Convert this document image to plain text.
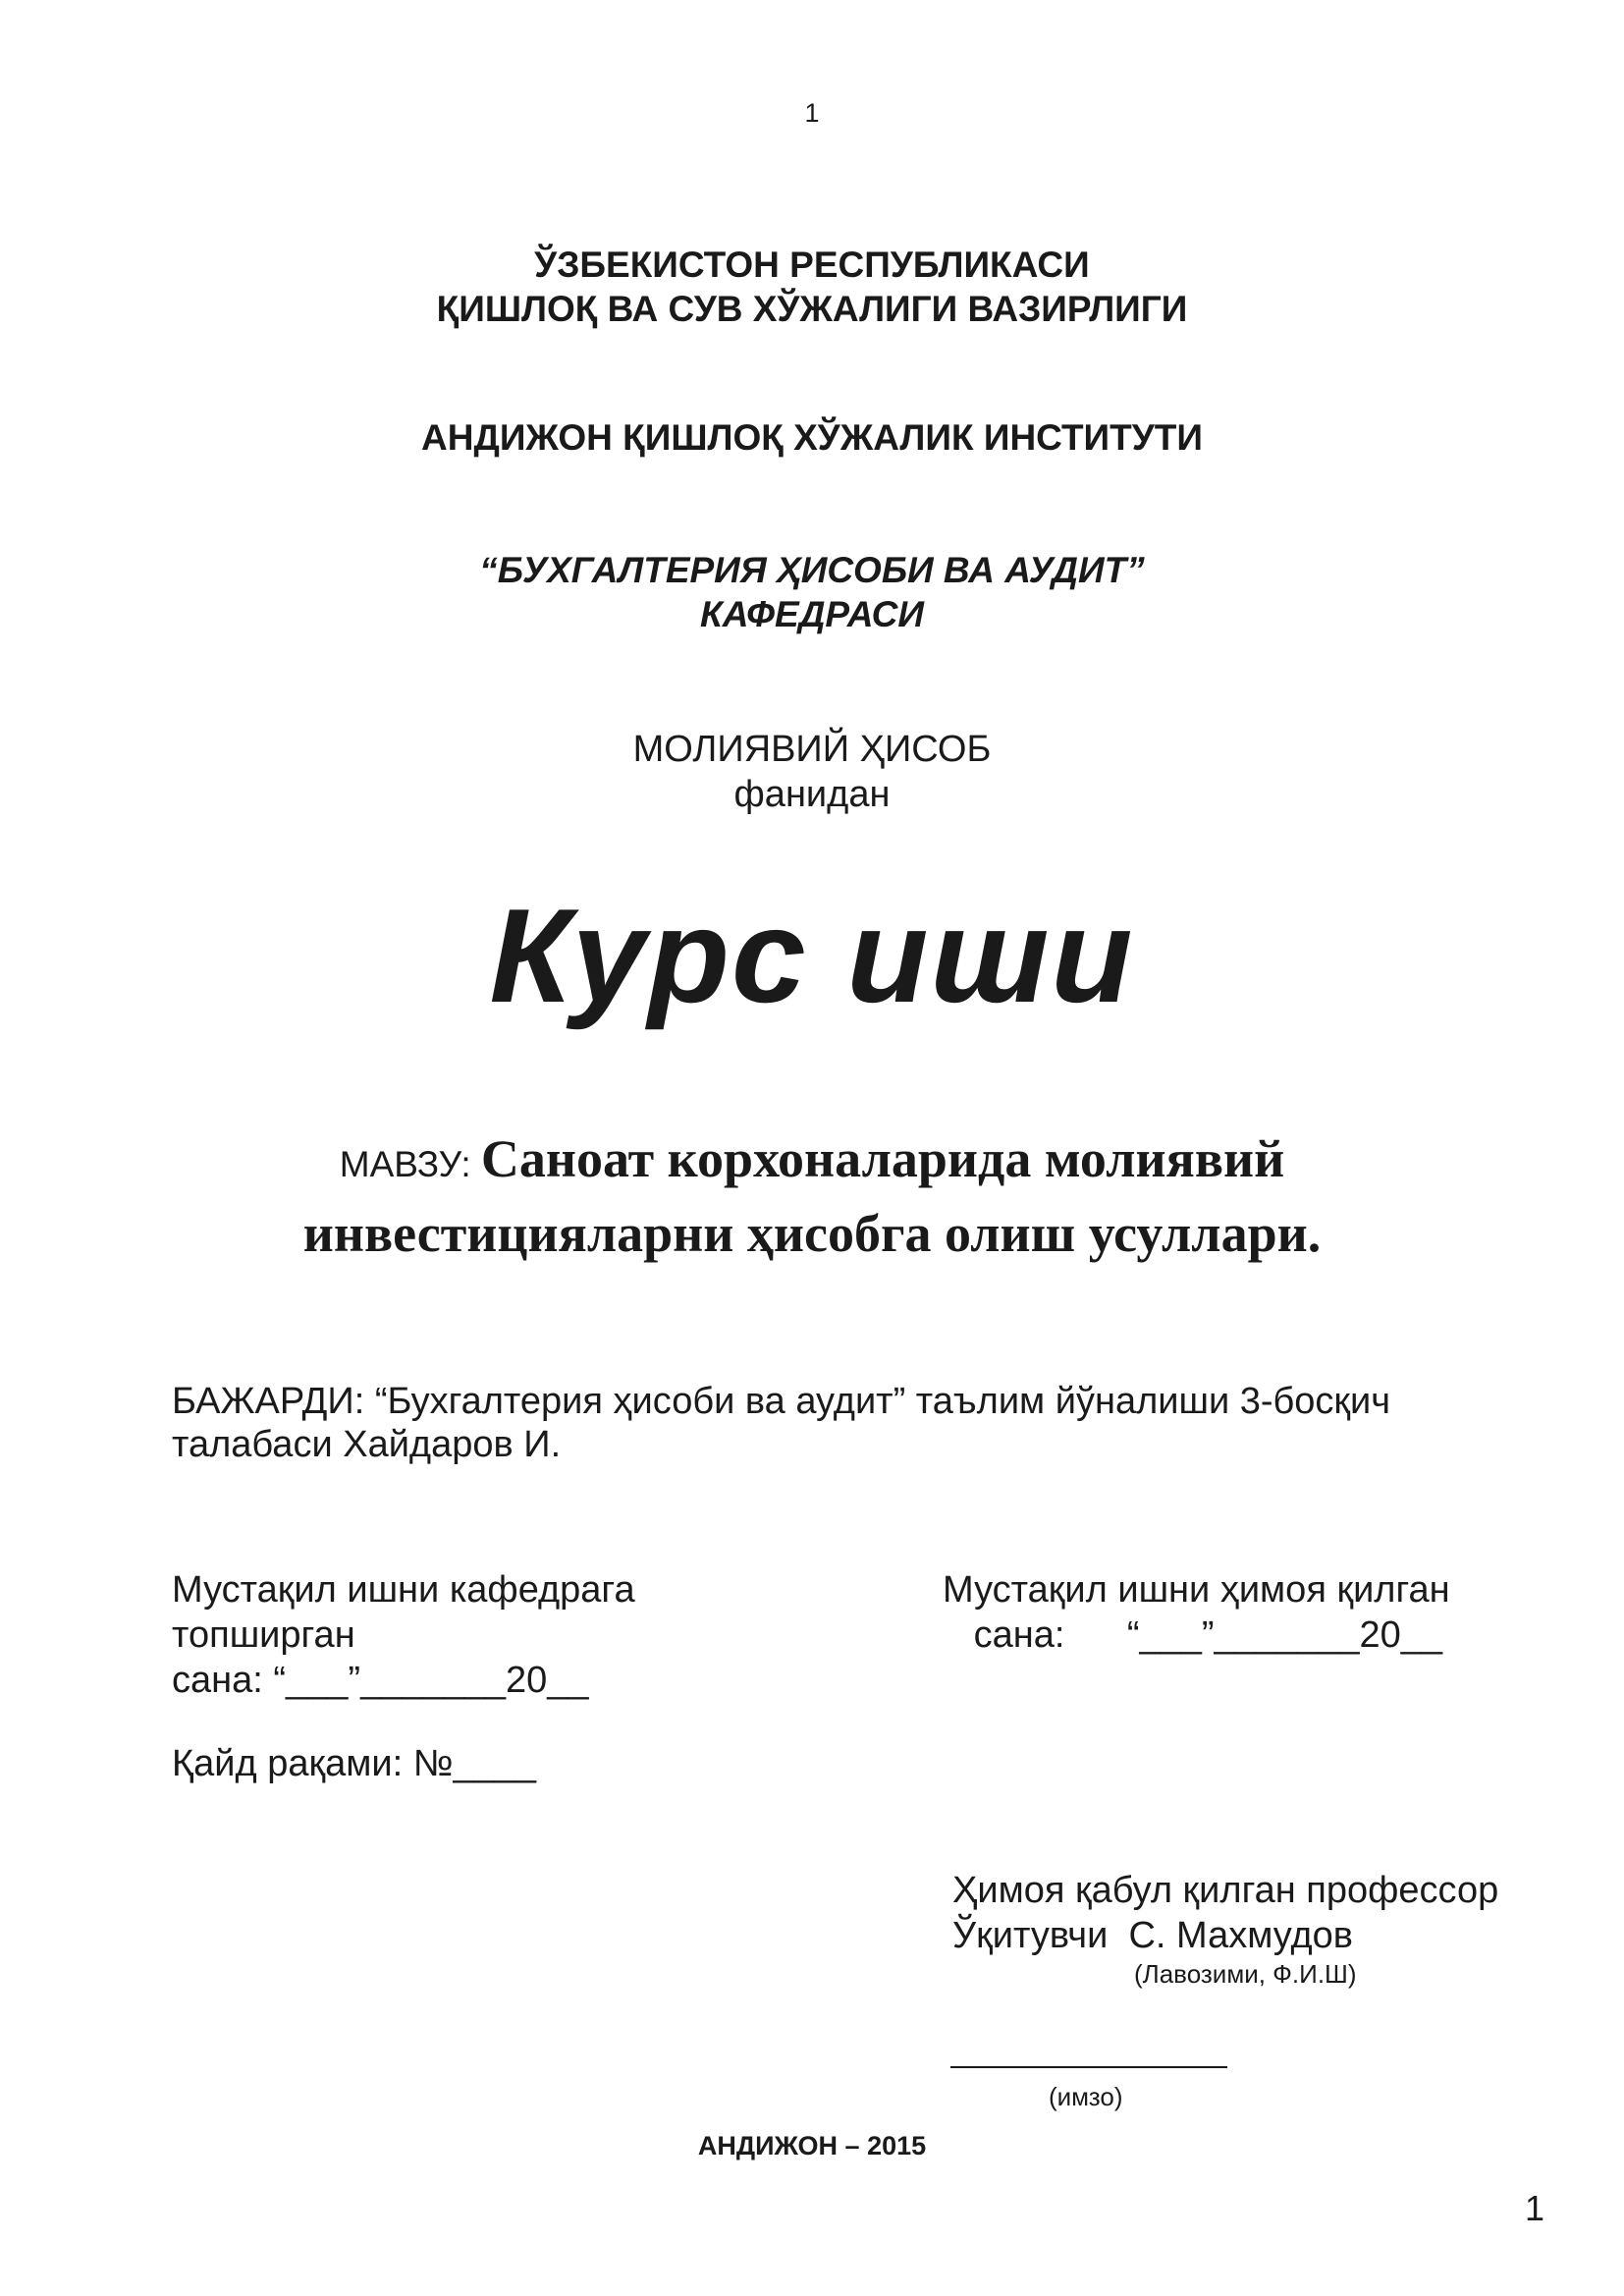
1
ЎЗБЕКИСТОН РЕСПУБЛИКАСИ
ҚИШЛОҚ ВА СУВ ХЎЖАЛИГИ ВАЗИРЛИГИ
АНДИЖОН ҚИШЛОҚ ХЎЖАЛИК ИНСТИТУТИ
“БУХГАЛТЕРИЯ ҲИСОБИ ВА АУДИТ”
КАФЕДРАСИ
МОЛИЯВИЙ ҲИСОБ
фанидан
Курс иши
МАВЗУ: Саноат корхоналарида молиявий
инвестицияларни ҳисобга олиш усуллари.
БАЖАРДИ: “Бухгалтерия ҳисоби ва аудит” таълим йўналиши 3-босқич
талабаси Хайдаров И.
Мустақил ишни кафедрага
топширган
сана: “___”_______20__
Мустақил ишни ҳимоя қилган
сана:      “___”_______20__
Қайд рақами: №____
Ҳимоя қабул қилган профессор
Ўқитувчи  С. Махмудов
(Лавозими, Ф.И.Ш)
(имзо)
АНДИЖОН – 2015
1
